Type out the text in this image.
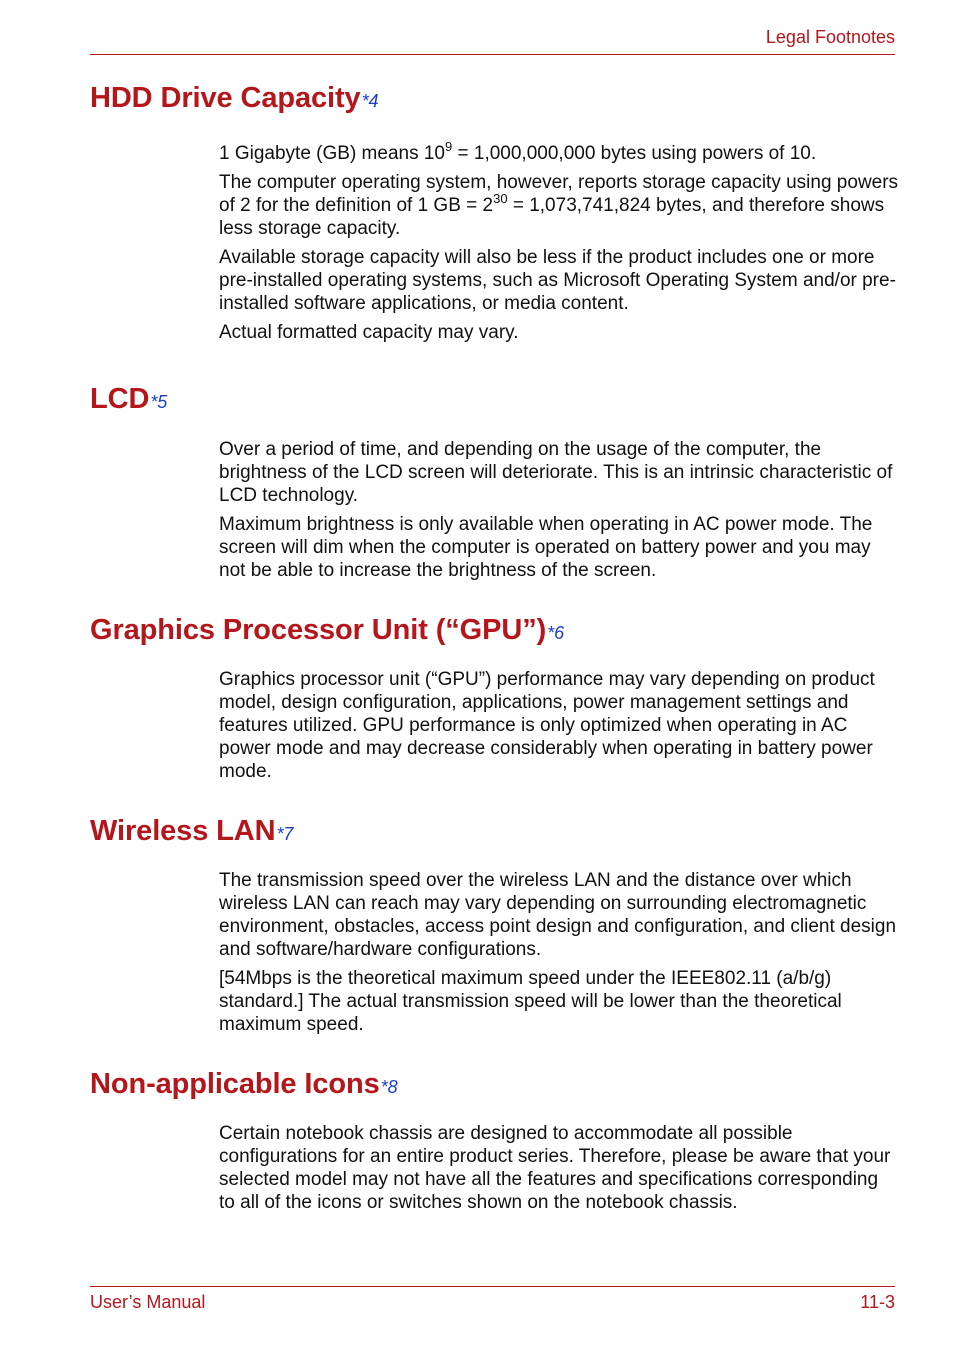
Legal Footnotes
HDD Drive Capacity*4

1 Gigabyte (GB) means $10^9 = 1,000,000,000$ bytes using powers of 10.

The computer operating system, however, reports storage capacity using powers of 2 for the definition of 1 GB = $2^{30} = 1,073,741,824$ bytes, and therefore shows less storage capacity.

Available storage capacity will also be less if the product includes one or more pre-installed operating systems, such as Microsoft Operating System and/or pre-installed software applications, or media content.

Actual formatted capacity may vary.

LCD*5

Over a period of time, and depending on the usage of the computer, the brightness of the LCD screen will deteriorate. This is an intrinsic characteristic of LCD technology.

Maximum brightness is only available when operating in AC power mode. The screen will dim when the computer is operated on battery power and you may not be able to increase the brightness of the screen.

Graphics Processor Unit (“GPU”)*6

Graphics processor unit (“GPU”) performance may vary depending on product model, design configuration, applications, power management settings and features utilized. GPU performance is only optimized when operating in AC power mode and may decrease considerably when operating in battery power mode.

Wireless LAN*7

The transmission speed over the wireless LAN and the distance over which wireless LAN can reach may vary depending on surrounding electromagnetic environment, obstacles, access point design and configuration, and client design and software/hardware configurations.

[54Mbps is the theoretical maximum speed under the IEEE802.11 (a/b/g) standard.] The actual transmission speed will be lower than the theoretical maximum speed.

Non-applicable Icons*8

Certain notebook chassis are designed to accommodate all possible configurations for an entire product series. Therefore, please be aware that your selected model may not have all the features and specifications corresponding to all of the icons or switches shown on the notebook chassis.

User’s Manual	11-3
